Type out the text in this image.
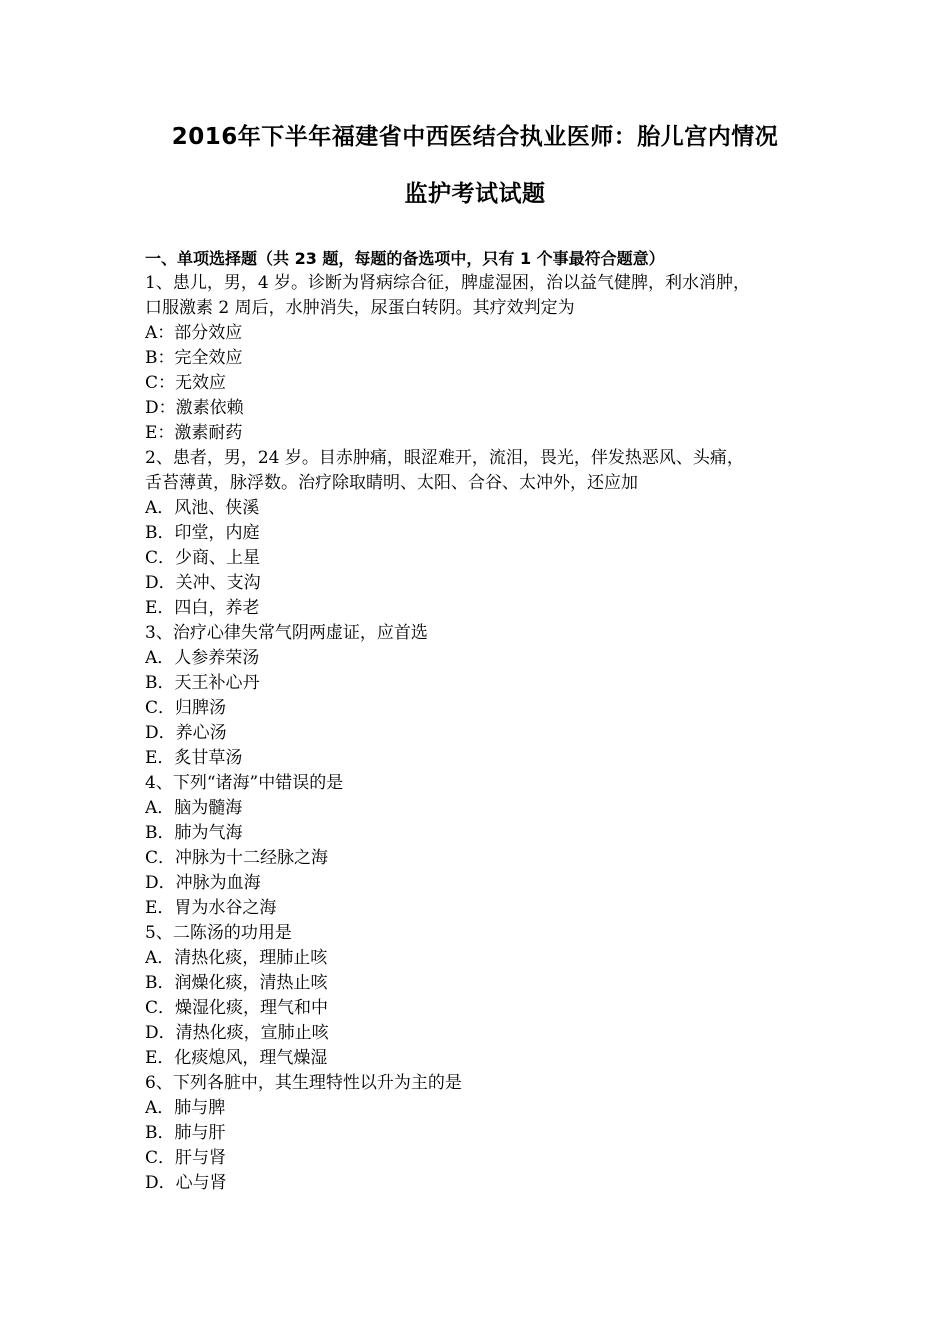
2016年下半年福建省中西医结合执业医师：胎儿宫内情况
监护考试试题
一、单项选择题（共 23 题，每题的备选项中，只有 1 个事最符合题意）
1、患儿，男，4 岁。诊断为肾病综合征，脾虚湿困，治以益气健脾，利水消肿，
口服激素 2 周后，水肿消失，尿蛋白转阴。其疗效判定为
A：部分效应
B：完全效应
C：无效应
D：激素依赖
E：激素耐药
2、患者，男，24 岁。目赤肿痛，眼涩难开，流泪，畏光，伴发热恶风、头痛，
舌苔薄黄，脉浮数。治疗除取睛明、太阳、合谷、太冲外，还应加
A．风池、侠溪
B．印堂，内庭
C．少商、上星
D．关冲、支沟
E．四白，养老
3、治疗心律失常气阴两虚证，应首选
A．人参养荣汤
B．天王补心丹
C．归脾汤
D．养心汤
E．炙甘草汤
4、下列“诸海”中错误的是
A．脑为髓海
B．肺为气海
C．冲脉为十二经脉之海
D．冲脉为血海
E．胃为水谷之海
5、二陈汤的功用是
A．清热化痰，理肺止咳
B．润燥化痰，清热止咳
C．燥湿化痰，理气和中
D．清热化痰，宣肺止咳
E．化痰熄风，理气燥湿
6、下列各脏中，其生理特性以升为主的是
A．肺与脾
B．肺与肝
C．肝与肾
D．心与肾
